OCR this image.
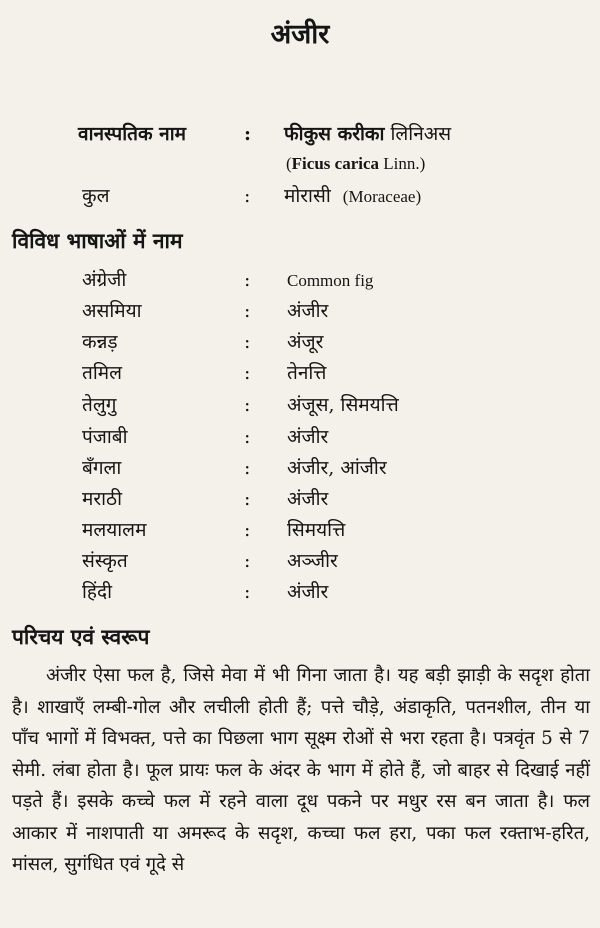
अंजीर
वानस्पतिक नाम	: फीकुस करीका लिनिअस
(Ficus carica Linn.)
कुल	: मोरासी (Moraceae)
विविध भाषाओं में नाम
अंग्रेजी	: Common fig
असमिया	: अंजीर
कन्नड़	: अंजूर
तमिल	: तेनत्ति
तेलुगु	: अंजूस, सिमयत्ति
पंजाबी	: अंजीर
बँगला	: अंजीर, आंजीर
मराठी	: अंजीर
मलयालम	: सिमयत्ति
संस्कृत	: अञ्जीर
हिंदी	: अंजीर
परिचय एवं स्वरूप

अंजीर ऐसा फल है, जिसे मेवा में भी गिना जाता है। यह बड़ी झाड़ी के सदृश होता है। शाखाएँ लम्बी-गोल और लचीली होती हैं; पत्ते चौड़े, अंडाकृति, पतनशील, तीन या पाँच भागों में विभक्त, पत्ते का पिछला भाग सूक्ष्म रोओं से भरा रहता है। पत्रवृंत 5 से 7 सेमी. लंबा होता है। फूल प्रायः फल के अंदर के भाग में होते हैं, जो बाहर से दिखाई नहीं पड़ते हैं। इसके कच्चे फल में रहने वाला दूध पकने पर मधुर रस बन जाता है। फल आकार में नाशपाती या अमरूद के सदृश, कच्चा फल हरा, पका फल रक्ताभ-हरित, मांसल, सुगंधित एवं गूदे से
